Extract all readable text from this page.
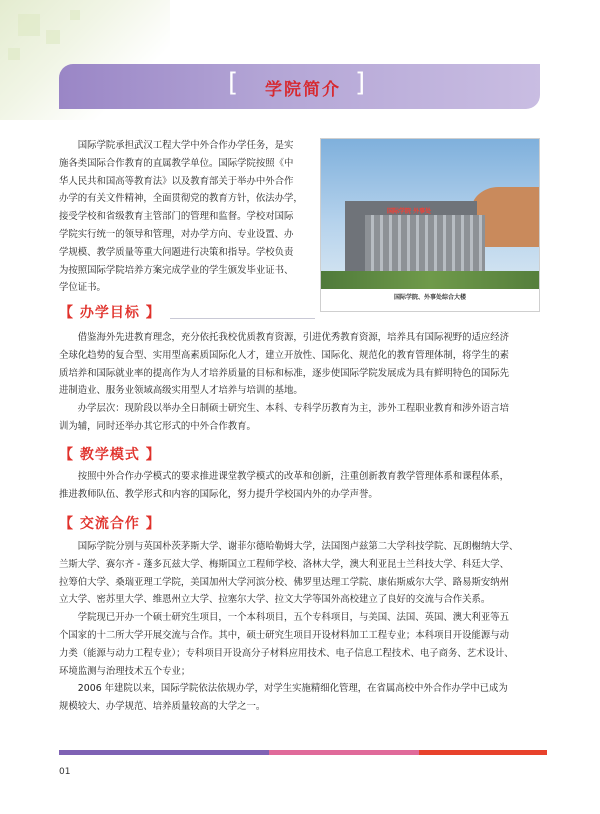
[ 学院简介 ]
国际学院承担武汉工程大学中外合作办学任务，是实
施各类国际合作教育的直属教学单位。国际学院按照《中
华人民共和国高等教育法》以及教育部关于举办中外合作
办学的有关文件精神，全面贯彻党的教育方针，依法办学，
接受学校和省级教育主管部门的管理和监督。学校对国际
学院实行统一的领导和管理，对办学方向、专业设置、办
学规模、教学质量等重大问题进行决策和指导。学校负责
为按照国际学院培养方案完成学业的学生颁发毕业证书、
学位证书。
国际学院 外事处
国际学院、外事处综合大楼
【 办学目标 】
借鉴海外先进教育理念，充分依托我校优质教育资源，引进优秀教育资源，培养具有国际视野的适应经济
全球化趋势的复合型、实用型高素质国际化人才，建立开放性、国际化、规范化的教育管理体制，将学生的素
质培养和国际就业率的提高作为人才培养质量的目标和标准，逐步使国际学院发展成为具有鲜明特色的国际先
进制造业、服务业领域高级实用型人才培养与培训的基地。
办学层次：现阶段以举办全日制硕士研究生、本科、专科学历教育为主，涉外工程职业教育和涉外语言培
训为辅，同时还举办其它形式的中外合作教育。
【 教学模式 】
按照中外合作办学模式的要求推进课堂教学模式的改革和创新，注重创新教育教学管理体系和课程体系，
推进教师队伍、教学形式和内容的国际化，努力提升学校国内外的办学声誉。
【 交流合作 】
国际学院分别与英国朴茨茅斯大学、谢菲尔德哈勒姆大学，法国图卢兹第二大学科技学院、瓦朗榭纳大学、
兰斯大学、赛尔齐 - 蓬多瓦兹大学、梅斯国立工程师学校、洛林大学，澳大利亚昆士兰科技大学、科廷大学、
拉筹伯大学、桑瑞亚理工学院，美国加州大学河滨分校、佛罗里达理工学院、康佑斯威尔大学、路易斯安纳州
立大学、密苏里大学、维恩州立大学、拉塞尔大学、拉文大学等国外高校建立了良好的交流与合作关系。
学院现已开办一个硕士研究生项目，一个本科项目，五个专科项目，与美国、法国、英国、澳大利亚等五
个国家的十二所大学开展交流与合作。其中，硕士研究生项目开设材料加工工程专业；本科项目开设能源与动
力类（能源与动力工程专业）；专科项目开设高分子材料应用技术、电子信息工程技术、电子商务、艺术设计、
环境监测与治理技术五个专业；
2006 年建院以来，国际学院依法依规办学，对学生实施精细化管理，在省属高校中外合作办学中已成为
规模较大、办学规范、培养质量较高的大学之一。
01
